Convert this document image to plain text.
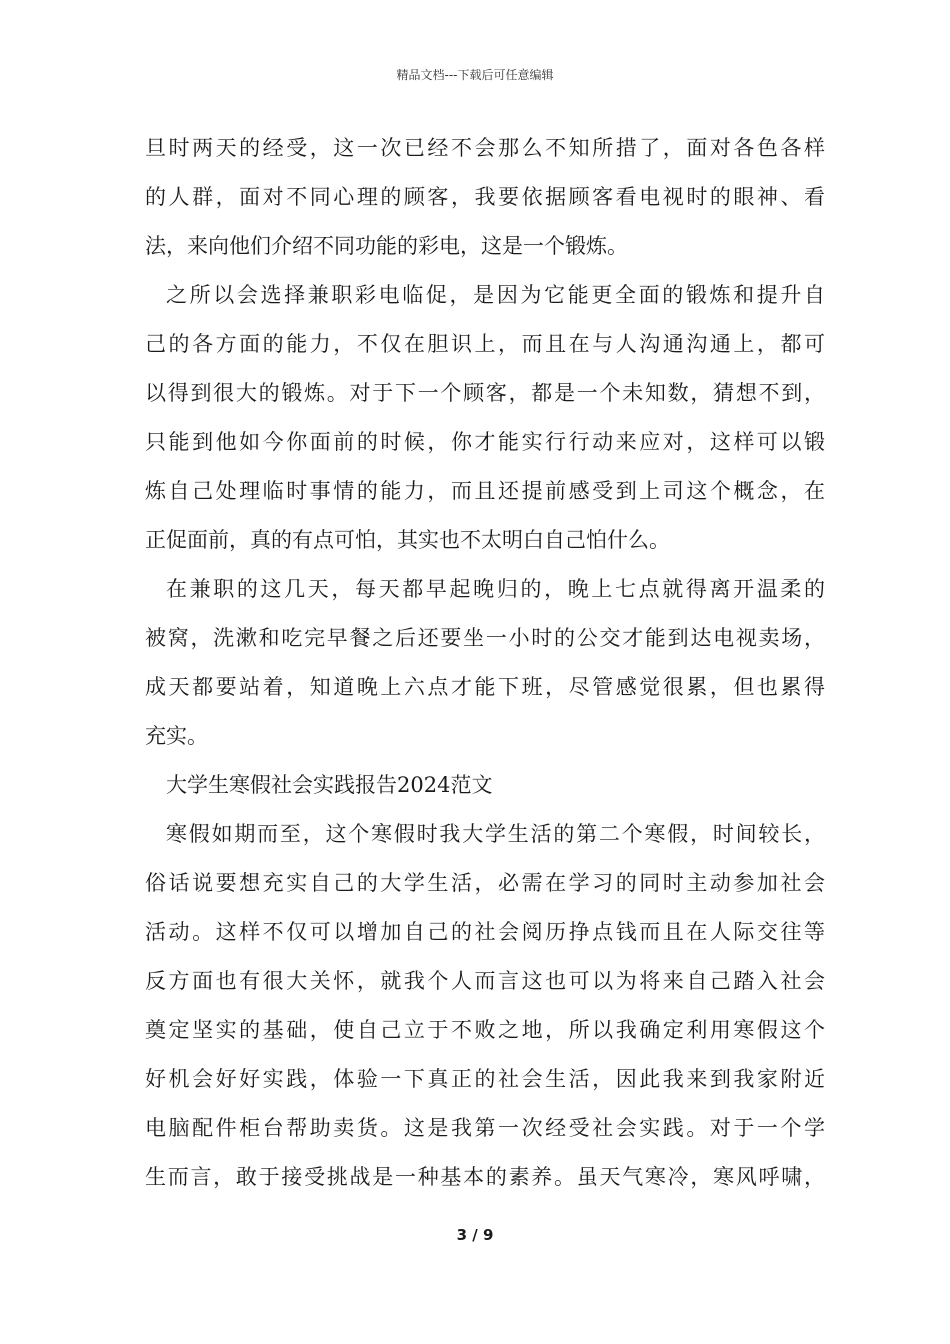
精品文档---下载后可任意编辑
旦时两天的经受，这一次已经不会那么不知所措了，面对各色各样
的人群，面对不同心理的顾客，我要依据顾客看电视时的眼神、看
法，来向他们介绍不同功能的彩电，这是一个锻炼。
之所以会选择兼职彩电临促，是因为它能更全面的锻炼和提升自
己的各方面的能力，不仅在胆识上，而且在与人沟通沟通上，都可
以得到很大的锻炼。对于下一个顾客，都是一个未知数，猜想不到，
只能到他如今你面前的时候，你才能实行行动来应对，这样可以锻
炼自己处理临时事情的能力，而且还提前感受到上司这个概念，在
正促面前，真的有点可怕，其实也不太明白自己怕什么。
在兼职的这几天，每天都早起晚归的，晚上七点就得离开温柔的
被窝，洗漱和吃完早餐之后还要坐一小时的公交才能到达电视卖场，
成天都要站着，知道晚上六点才能下班，尽管感觉很累，但也累得
充实。
大学生寒假社会实践报告2024范文
寒假如期而至，这个寒假时我大学生活的第二个寒假，时间较长，
俗话说要想充实自己的大学生活，必需在学习的同时主动参加社会
活动。这样不仅可以增加自己的社会阅历挣点钱而且在人际交往等
反方面也有很大关怀，就我个人而言这也可以为将来自己踏入社会
奠定坚实的基础，使自己立于不败之地，所以我确定利用寒假这个
好机会好好实践，体验一下真正的社会生活，因此我来到我家附近
电脑配件柜台帮助卖货。这是我第一次经受社会实践。对于一个学
生而言，敢于接受挑战是一种基本的素养。虽天气寒冷，寒风呼啸，
3 / 9
